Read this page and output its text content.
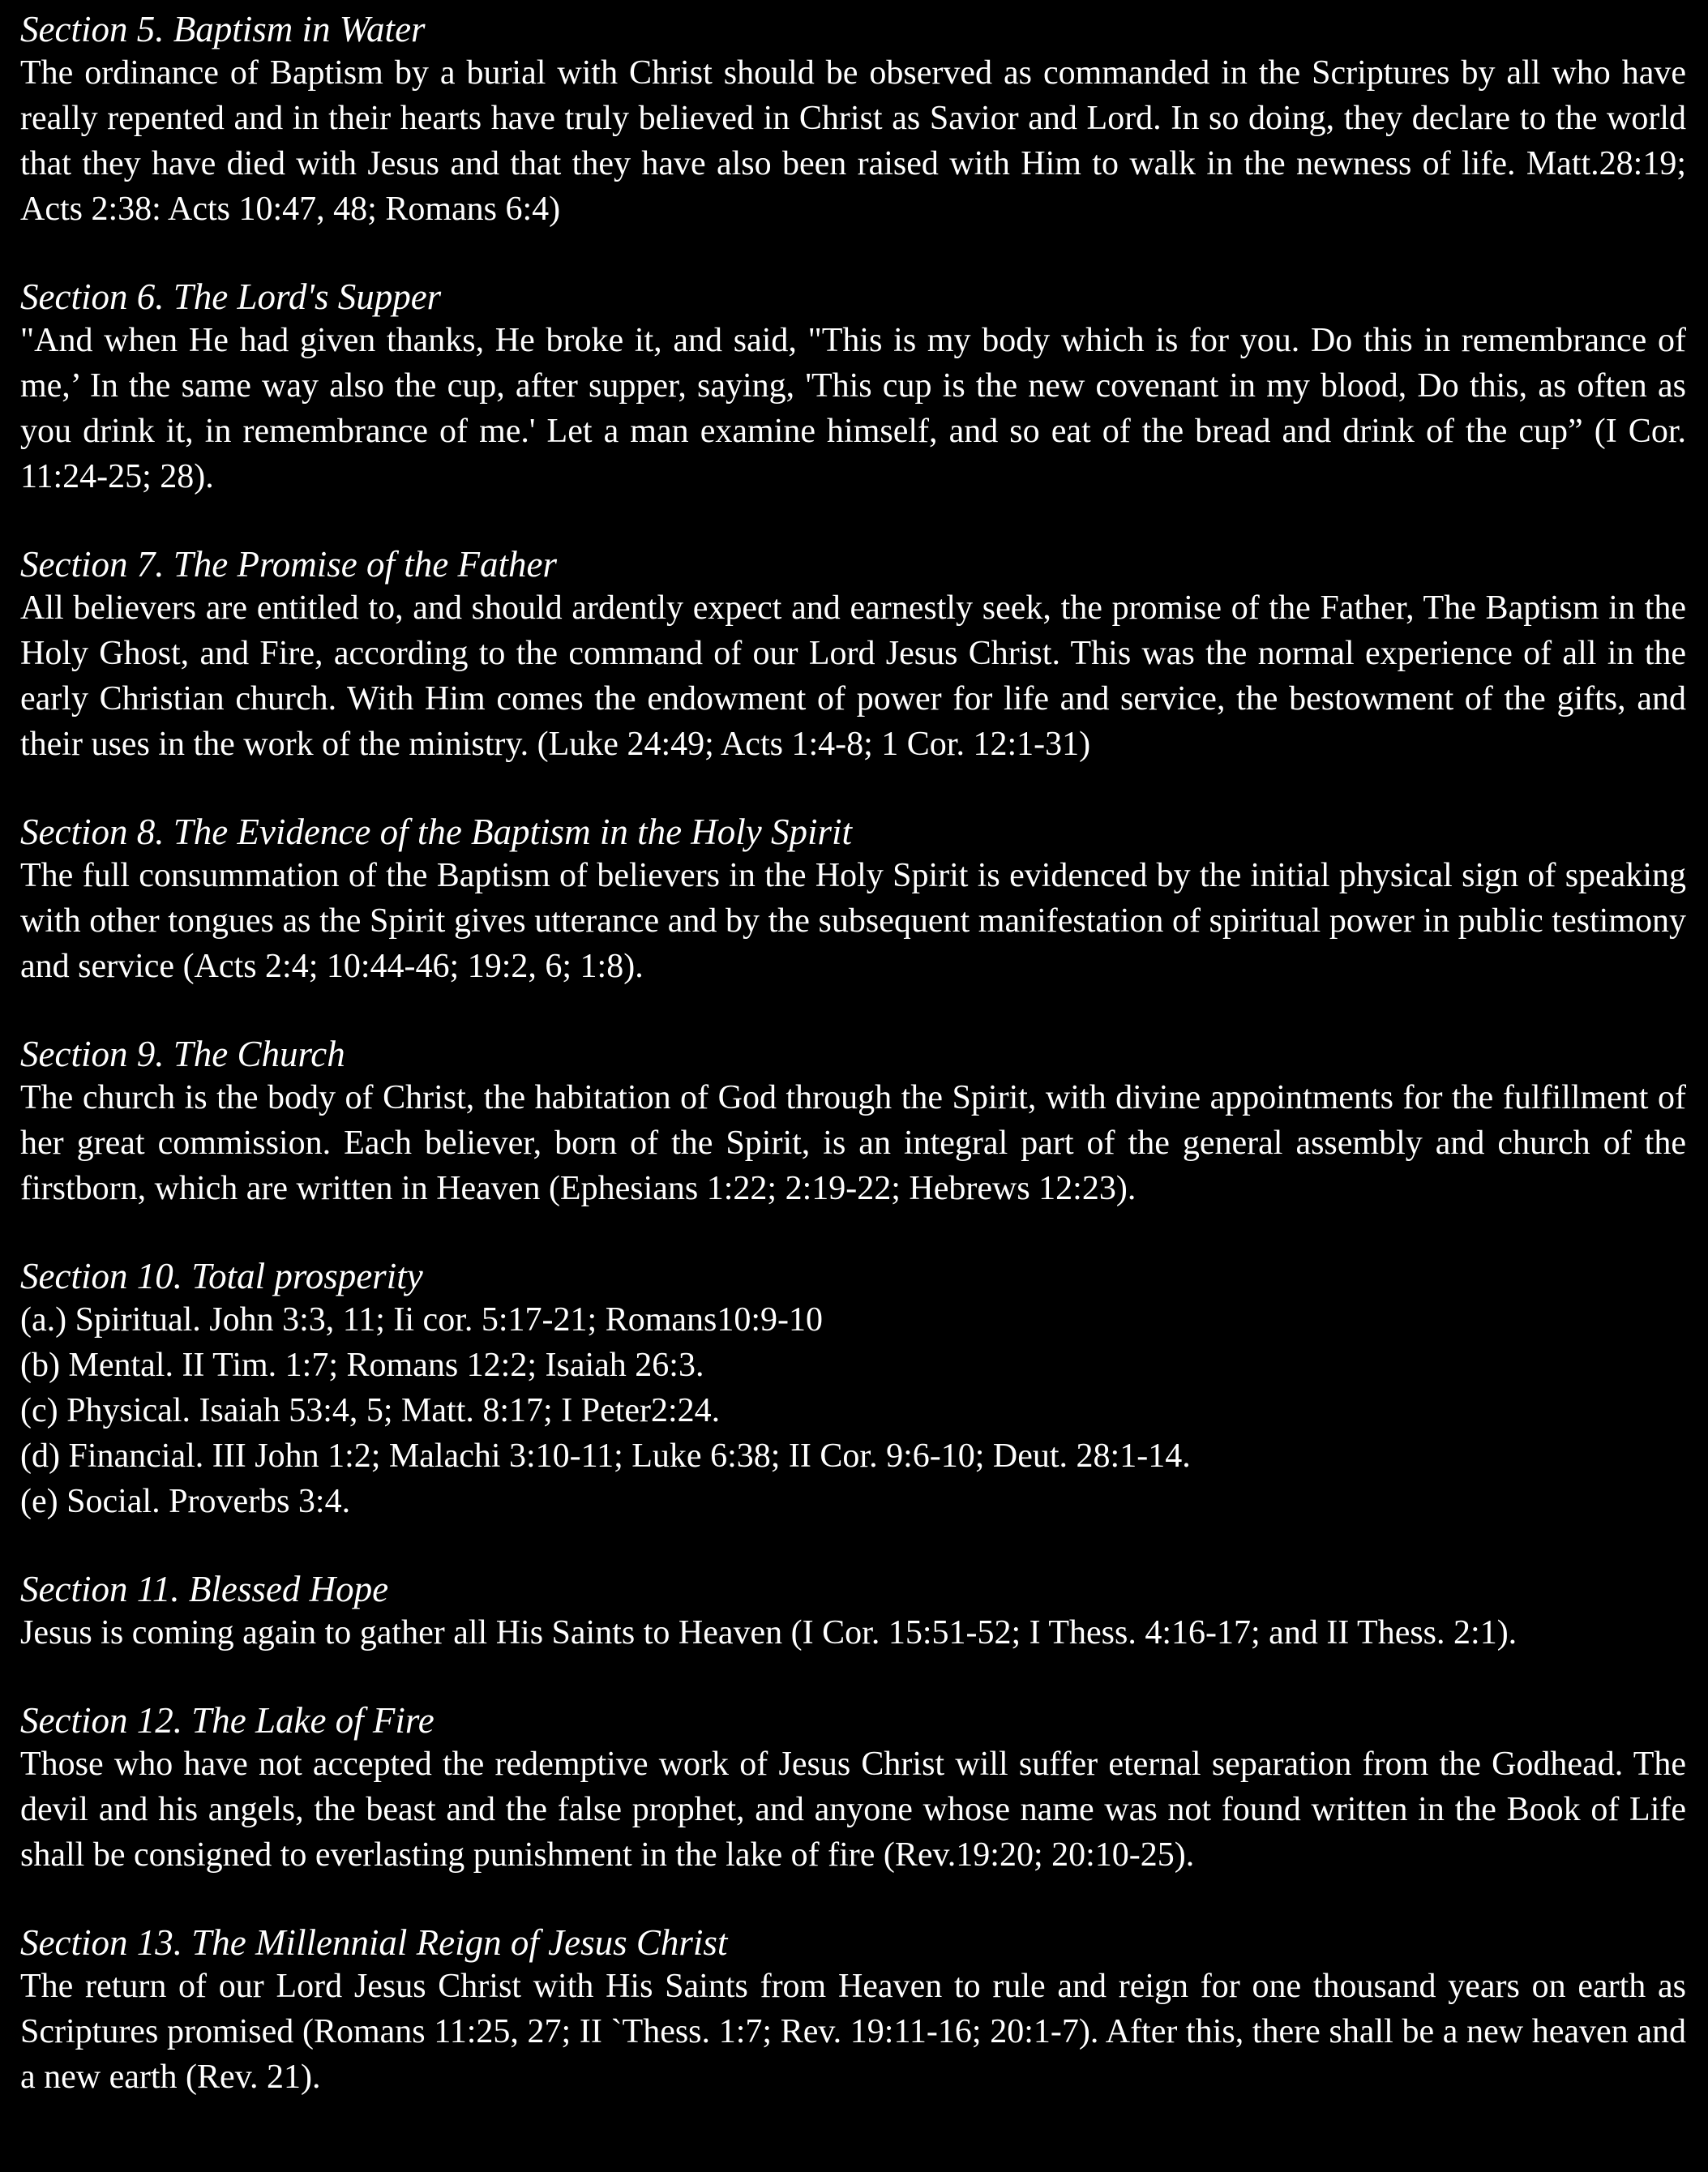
Section 5. Baptism in Water

The ordinance of Baptism by a burial with Christ should be observed as commanded in the Scriptures by all who have really repented and in their hearts have truly believed in Christ as Savior and Lord. In so doing, they declare to the world that they have died with Jesus and that they have also been raised with Him to walk in the newness of life. Matt.28:19; Acts 2:38: Acts 10:47, 48; Romans 6:4)

Section 6. The Lord's Supper

"And when He had given thanks, He broke it, and said, "This is my body which is for you. Do this in remembrance of me,’ In the same way also the cup, after supper, saying, 'This cup is the new covenant in my blood, Do this, as often as you drink it, in remembrance of me.' Let a man examine himself, and so eat of the bread and drink of the cup” (I Cor. 11:24-25; 28).

Section 7. The Promise of the Father

All believers are entitled to, and should ardently expect and earnestly seek, the promise of the Father, The Baptism in the Holy Ghost, and Fire, according to the command of our Lord Jesus Christ. This was the normal experience of all in the early Christian church. With Him comes the endowment of power for life and service, the bestowment of the gifts, and their uses in the work of the ministry. (Luke 24:49; Acts 1:4-8; 1 Cor. 12:1-31)

Section 8. The Evidence of the Baptism in the Holy Spirit

The full consummation of the Baptism of believers in the Holy Spirit is evidenced by the initial physical sign of speaking with other tongues as the Spirit gives utterance and by the subsequent manifestation of spiritual power in public testimony and service (Acts 2:4; 10:44-46; 19:2, 6; 1:8).

Section 9. The Church

The church is the body of Christ, the habitation of God through the Spirit, with divine appointments for the fulfillment of her great commission. Each believer, born of the Spirit, is an integral part of the general assembly and church of the firstborn, which are written in Heaven (Ephesians 1:22; 2:19-22; Hebrews 12:23).

Section 10. Total prosperity

(a.) Spiritual. John 3:3, 11; Ii cor. 5:17-21; Romans10:9-10

(b) Mental. II Tim. 1:7; Romans 12:2; Isaiah 26:3.

(c) Physical. Isaiah 53:4, 5; Matt. 8:17; I Peter2:24.

(d) Financial. III John 1:2; Malachi 3:10-11; Luke 6:38; II Cor. 9:6-10; Deut. 28:1-14.

(e) Social. Proverbs 3:4.

Section 11. Blessed Hope

Jesus is coming again to gather all His Saints to Heaven (I Cor. 15:51-52; I Thess. 4:16-17; and II Thess. 2:1).

Section 12. The Lake of Fire

Those who have not accepted the redemptive work of Jesus Christ will suffer eternal separation from the Godhead. The devil and his angels, the beast and the false prophet, and anyone whose name was not found written in the Book of Life shall be consigned to everlasting punishment in the lake of fire (Rev.19:20; 20:10-25).

Section 13. The Millennial Reign of Jesus Christ

The return of our Lord Jesus Christ with His Saints from Heaven to rule and reign for one thousand years on earth as Scriptures promised (Romans 11:25, 27; II `Thess. 1:7; Rev. 19:11-16; 20:1-7). After this, there shall be a new heaven and a new earth (Rev. 21).
